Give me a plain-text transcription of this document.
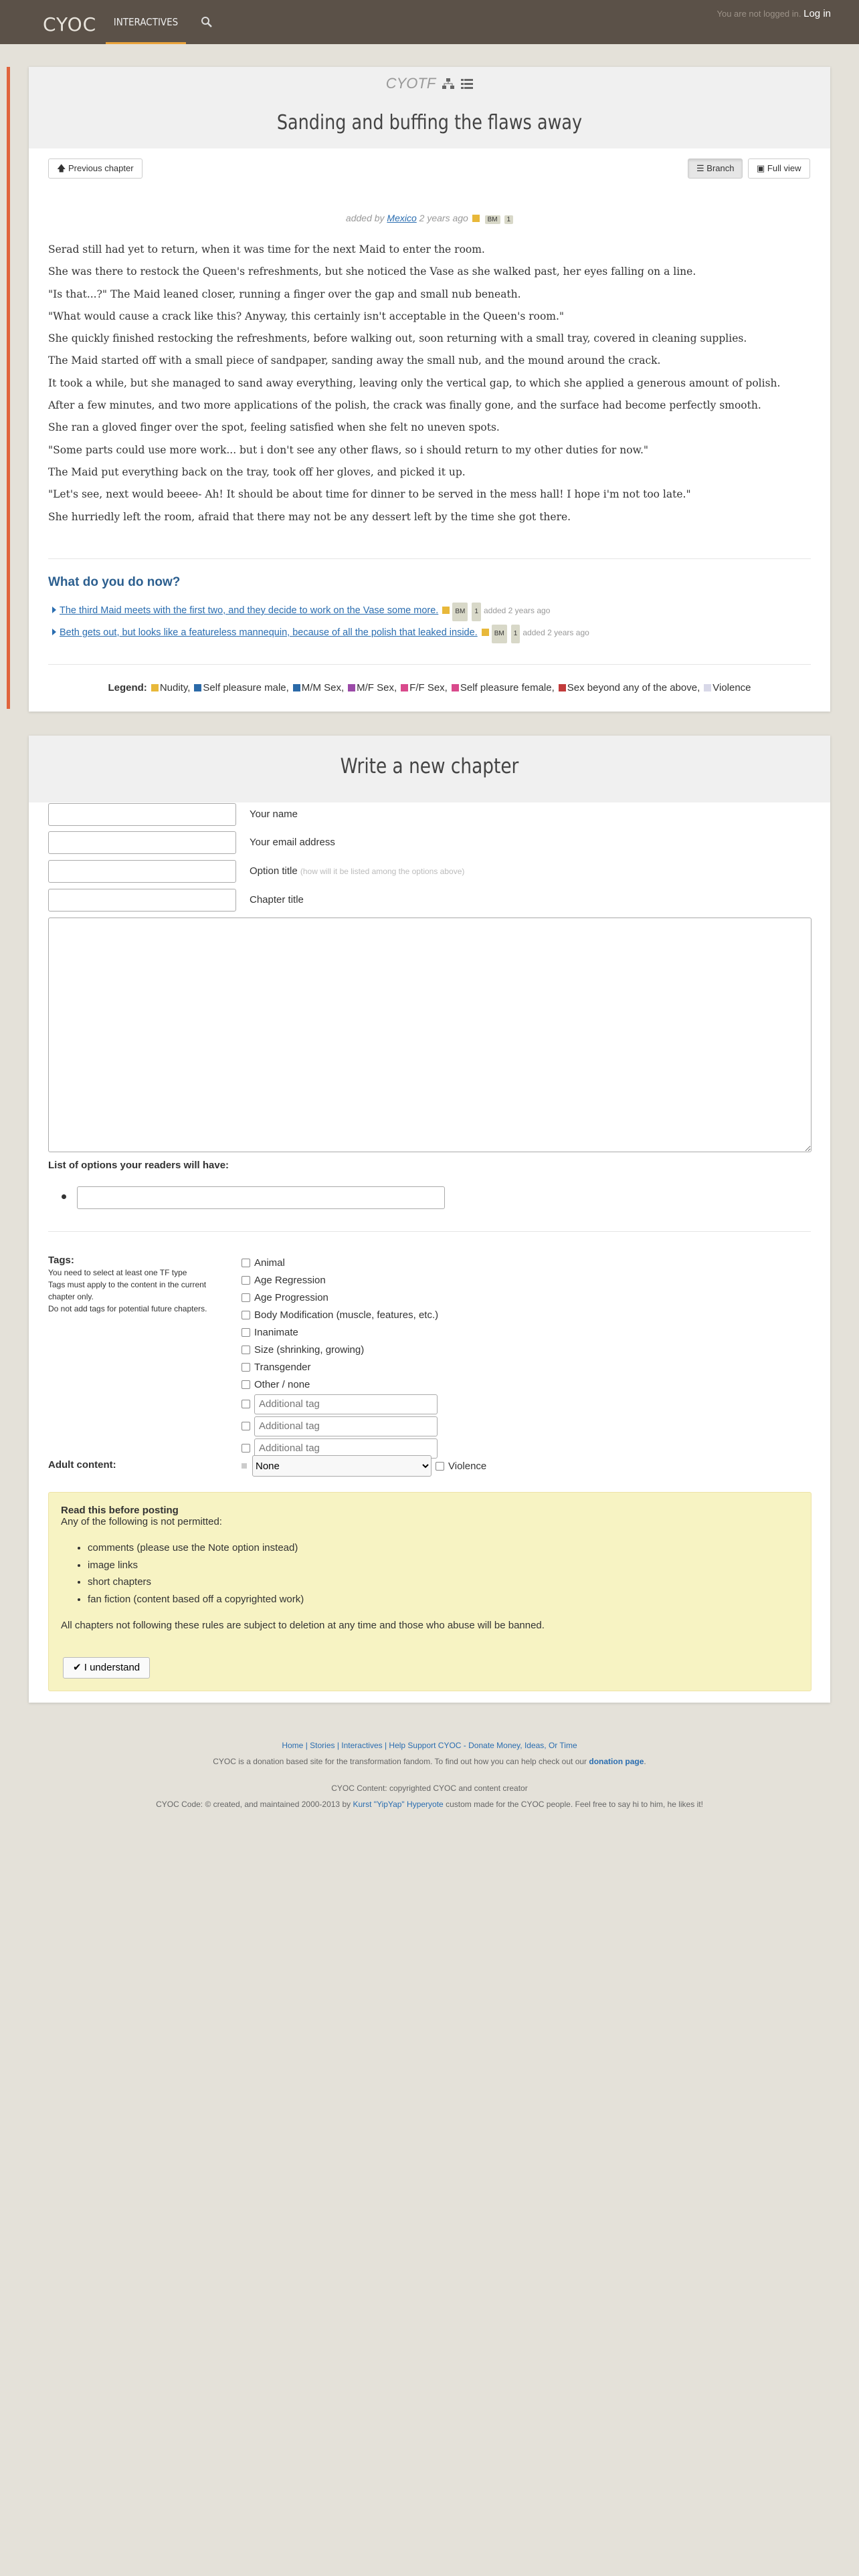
CYOC	INTERACTIVES
You are not logged in. Log in
CYOTF
Sanding and buffing the flaws away
🡅 Previous chapter	☰ Branch	▣ Full view
added by Mexico 2 years ago	BM 1

Serad still had yet to return, when it was time for the next Maid to enter the room.

She was there to restock the Queen's refreshments, but she noticed the Vase as she walked past, her eyes falling on a line.

"Is that...?" The Maid leaned closer, running a finger over the gap and small nub beneath.

"What would cause a crack like this? Anyway, this certainly isn't acceptable in the Queen's room."

She quickly finished restocking the refreshments, before walking out, soon returning with a small tray, covered in cleaning supplies.

The Maid started off with a small piece of sandpaper, sanding away the small nub, and the mound around the crack.

It took a while, but she managed to sand away everything, leaving only the vertical gap, to which she applied a generous amount of polish.

After a few minutes, and two more applications of the polish, the crack was finally gone, and the surface had become perfectly smooth.

She ran a gloved finger over the spot, feeling satisfied when she felt no uneven spots.

"Some parts could use more work... but i don't see any other flaws, so i should return to my other duties for now."

The Maid put everything back on the tray, took off her gloves, and picked it up.

"Let's see, next would beeee- Ah! It should be about time for dinner to be served in the mess hall! I hope i'm not too late."

She hurriedly left the room, afraid that there may not be any dessert left by the time she got there.

What do you do now?
The third Maid meets with the first two, and they decide to work on the Vase some more.	BM 1 added 2 years ago
Beth gets out, but looks like a featureless mannequin, because of all the polish that leaked inside.	BM 1 added 2 years ago
Legend: Nudity, Self pleasure male, M/M Sex, M/F Sex, F/F Sex, Self pleasure female, Sex beyond any of the above, Violence
Write a new chapter
Your name
Your email address
Option title (how will it be listed among the options above)
Chapter title
List of options your readers will have:
Tags:
You need to select at least one TF type
Tags must apply to the content in the current chapter only.
Do not add tags for potential future chapters.
Animal
Age Regression
Age Progression
Body Modification (muscle, features, etc.)
Inanimate
Size (shrinking, growing)
Transgender
Other / none
Additional tag
Additional tag
Additional tag
Adult content:
None	Violence
Read this before posting
Any of the following is not permitted:
• comments (please use the Note option instead)
• image links
• short chapters
• fan fiction (content based off a copyrighted work)
All chapters not following these rules are subject to deletion at any time and those who abuse will be banned.
✔ I understand
Home | Stories | Interactives | Help Support CYOC - Donate Money, Ideas, Or Time
CYOC is a donation based site for the transformation fandom. To find out how you can help check out our donation page.
CYOC Content: copyrighted CYOC and content creator
CYOC Code: © created, and maintained 2000-2013 by Kurst "YipYap" Hyperyote custom made for the CYOC people. Feel free to say hi to him, he likes it!
